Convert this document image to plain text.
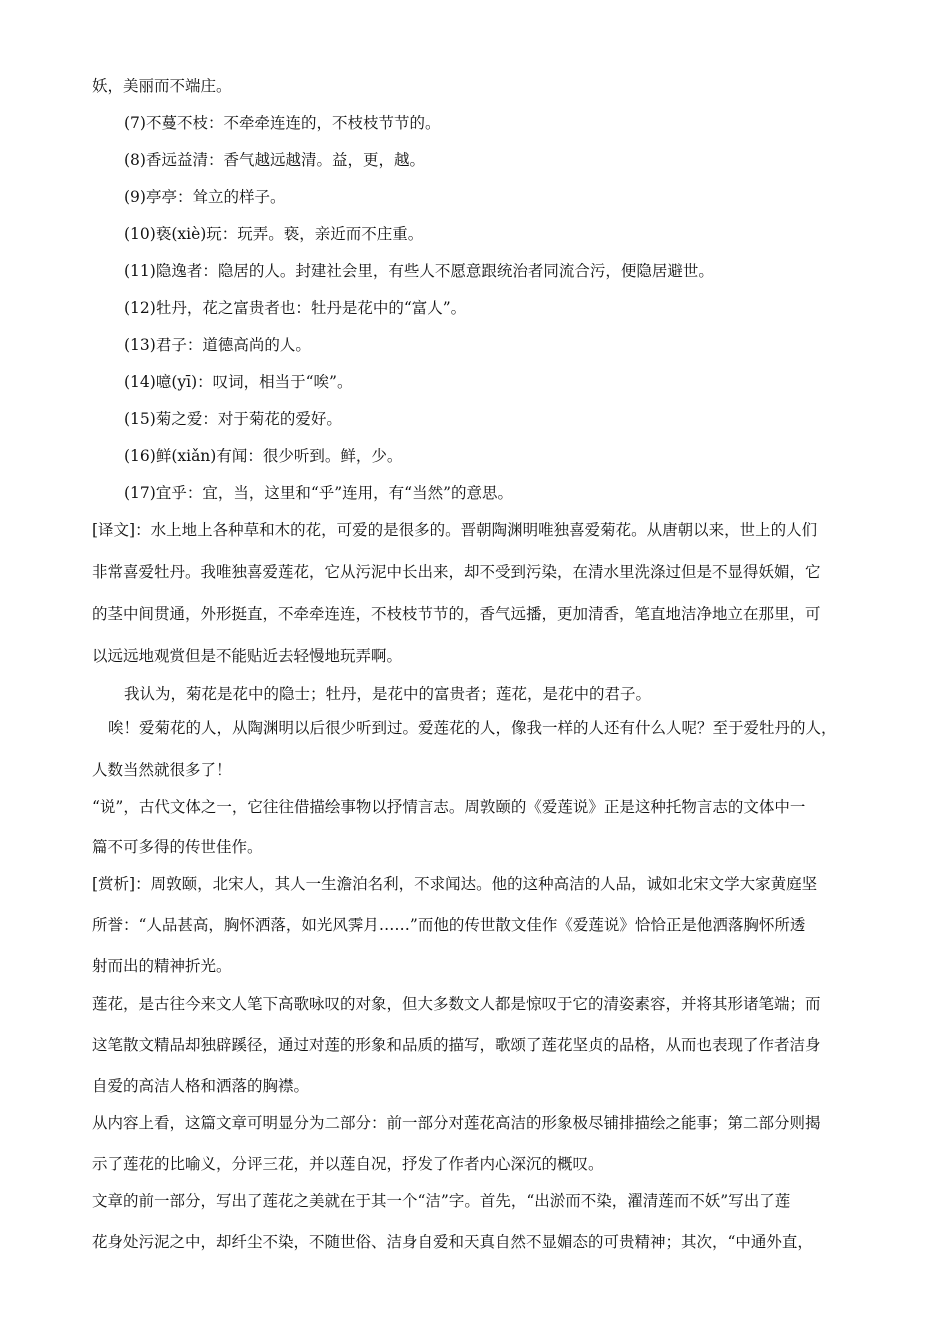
妖，美丽而不端庄。
(7)不蔓不枝：不牵牵连连的，不枝枝节节的。
(8)香远益清：香气越远越清。益，更，越。
(9)亭亭：耸立的样子。
(10)亵(xiè)玩：玩弄。亵，亲近而不庄重。
(11)隐逸者：隐居的人。封建社会里，有些人不愿意跟统治者同流合污，便隐居避世。
(12)牡丹，花之富贵者也：牡丹是花中的“富人”。
(13)君子：道德高尚的人。
(14)噫(yī)：叹词，相当于“唉”。
(15)菊之爱：对于菊花的爱好。
(16)鲜(xiǎn)有闻：很少听到。鲜，少。
(17)宜乎：宜，当，这里和“乎”连用，有“当然”的意思。
[译文]：水上地上各种草和木的花，可爱的是很多的。晋朝陶渊明唯独喜爱菊花。从唐朝以来，世上的人们
非常喜爱牡丹。我唯独喜爱莲花，它从污泥中长出来，却不受到污染，在清水里洗涤过但是不显得妖媚，它
的茎中间贯通，外形挺直，不牵牵连连，不枝枝节节的，香气远播，更加清香，笔直地洁净地立在那里，可
以远远地观赏但是不能贴近去轻慢地玩弄啊。
我认为，菊花是花中的隐士；牡丹，是花中的富贵者；莲花，是花中的君子。
唉！爱菊花的人，从陶渊明以后很少听到过。爱莲花的人，像我一样的人还有什么人呢？至于爱牡丹的人，
人数当然就很多了！
“说”，古代文体之一，它往往借描绘事物以抒情言志。周敦颐的《爱莲说》正是这种托物言志的文体中一
篇不可多得的传世佳作。
[赏析]：周敦颐，北宋人，其人一生澹泊名利，不求闻达。他的这种高洁的人品，诚如北宋文学大家黄庭坚
所誉：“人品甚高，胸怀洒落，如光风霁月……”而他的传世散文佳作《爱莲说》恰恰正是他洒落胸怀所透
射而出的精神折光。
莲花，是古往今来文人笔下高歌咏叹的对象，但大多数文人都是惊叹于它的清姿素容，并将其形诸笔端；而
这笔散文精品却独辟蹊径，通过对莲的形象和品质的描写，歌颂了莲花坚贞的品格，从而也表现了作者洁身
自爱的高洁人格和洒落的胸襟。
从内容上看，这篇文章可明显分为二部分：前一部分对莲花高洁的形象极尽铺排描绘之能事；第二部分则揭
示了莲花的比喻义，分评三花，并以莲自况，抒发了作者内心深沉的概叹。
文章的前一部分，写出了莲花之美就在于其一个“洁”字。首先，“出淤而不染，濯清莲而不妖”写出了莲
花身处污泥之中，却纤尘不染，不随世俗、洁身自爱和天真自然不显媚态的可贵精神；其次，“中通外直，
